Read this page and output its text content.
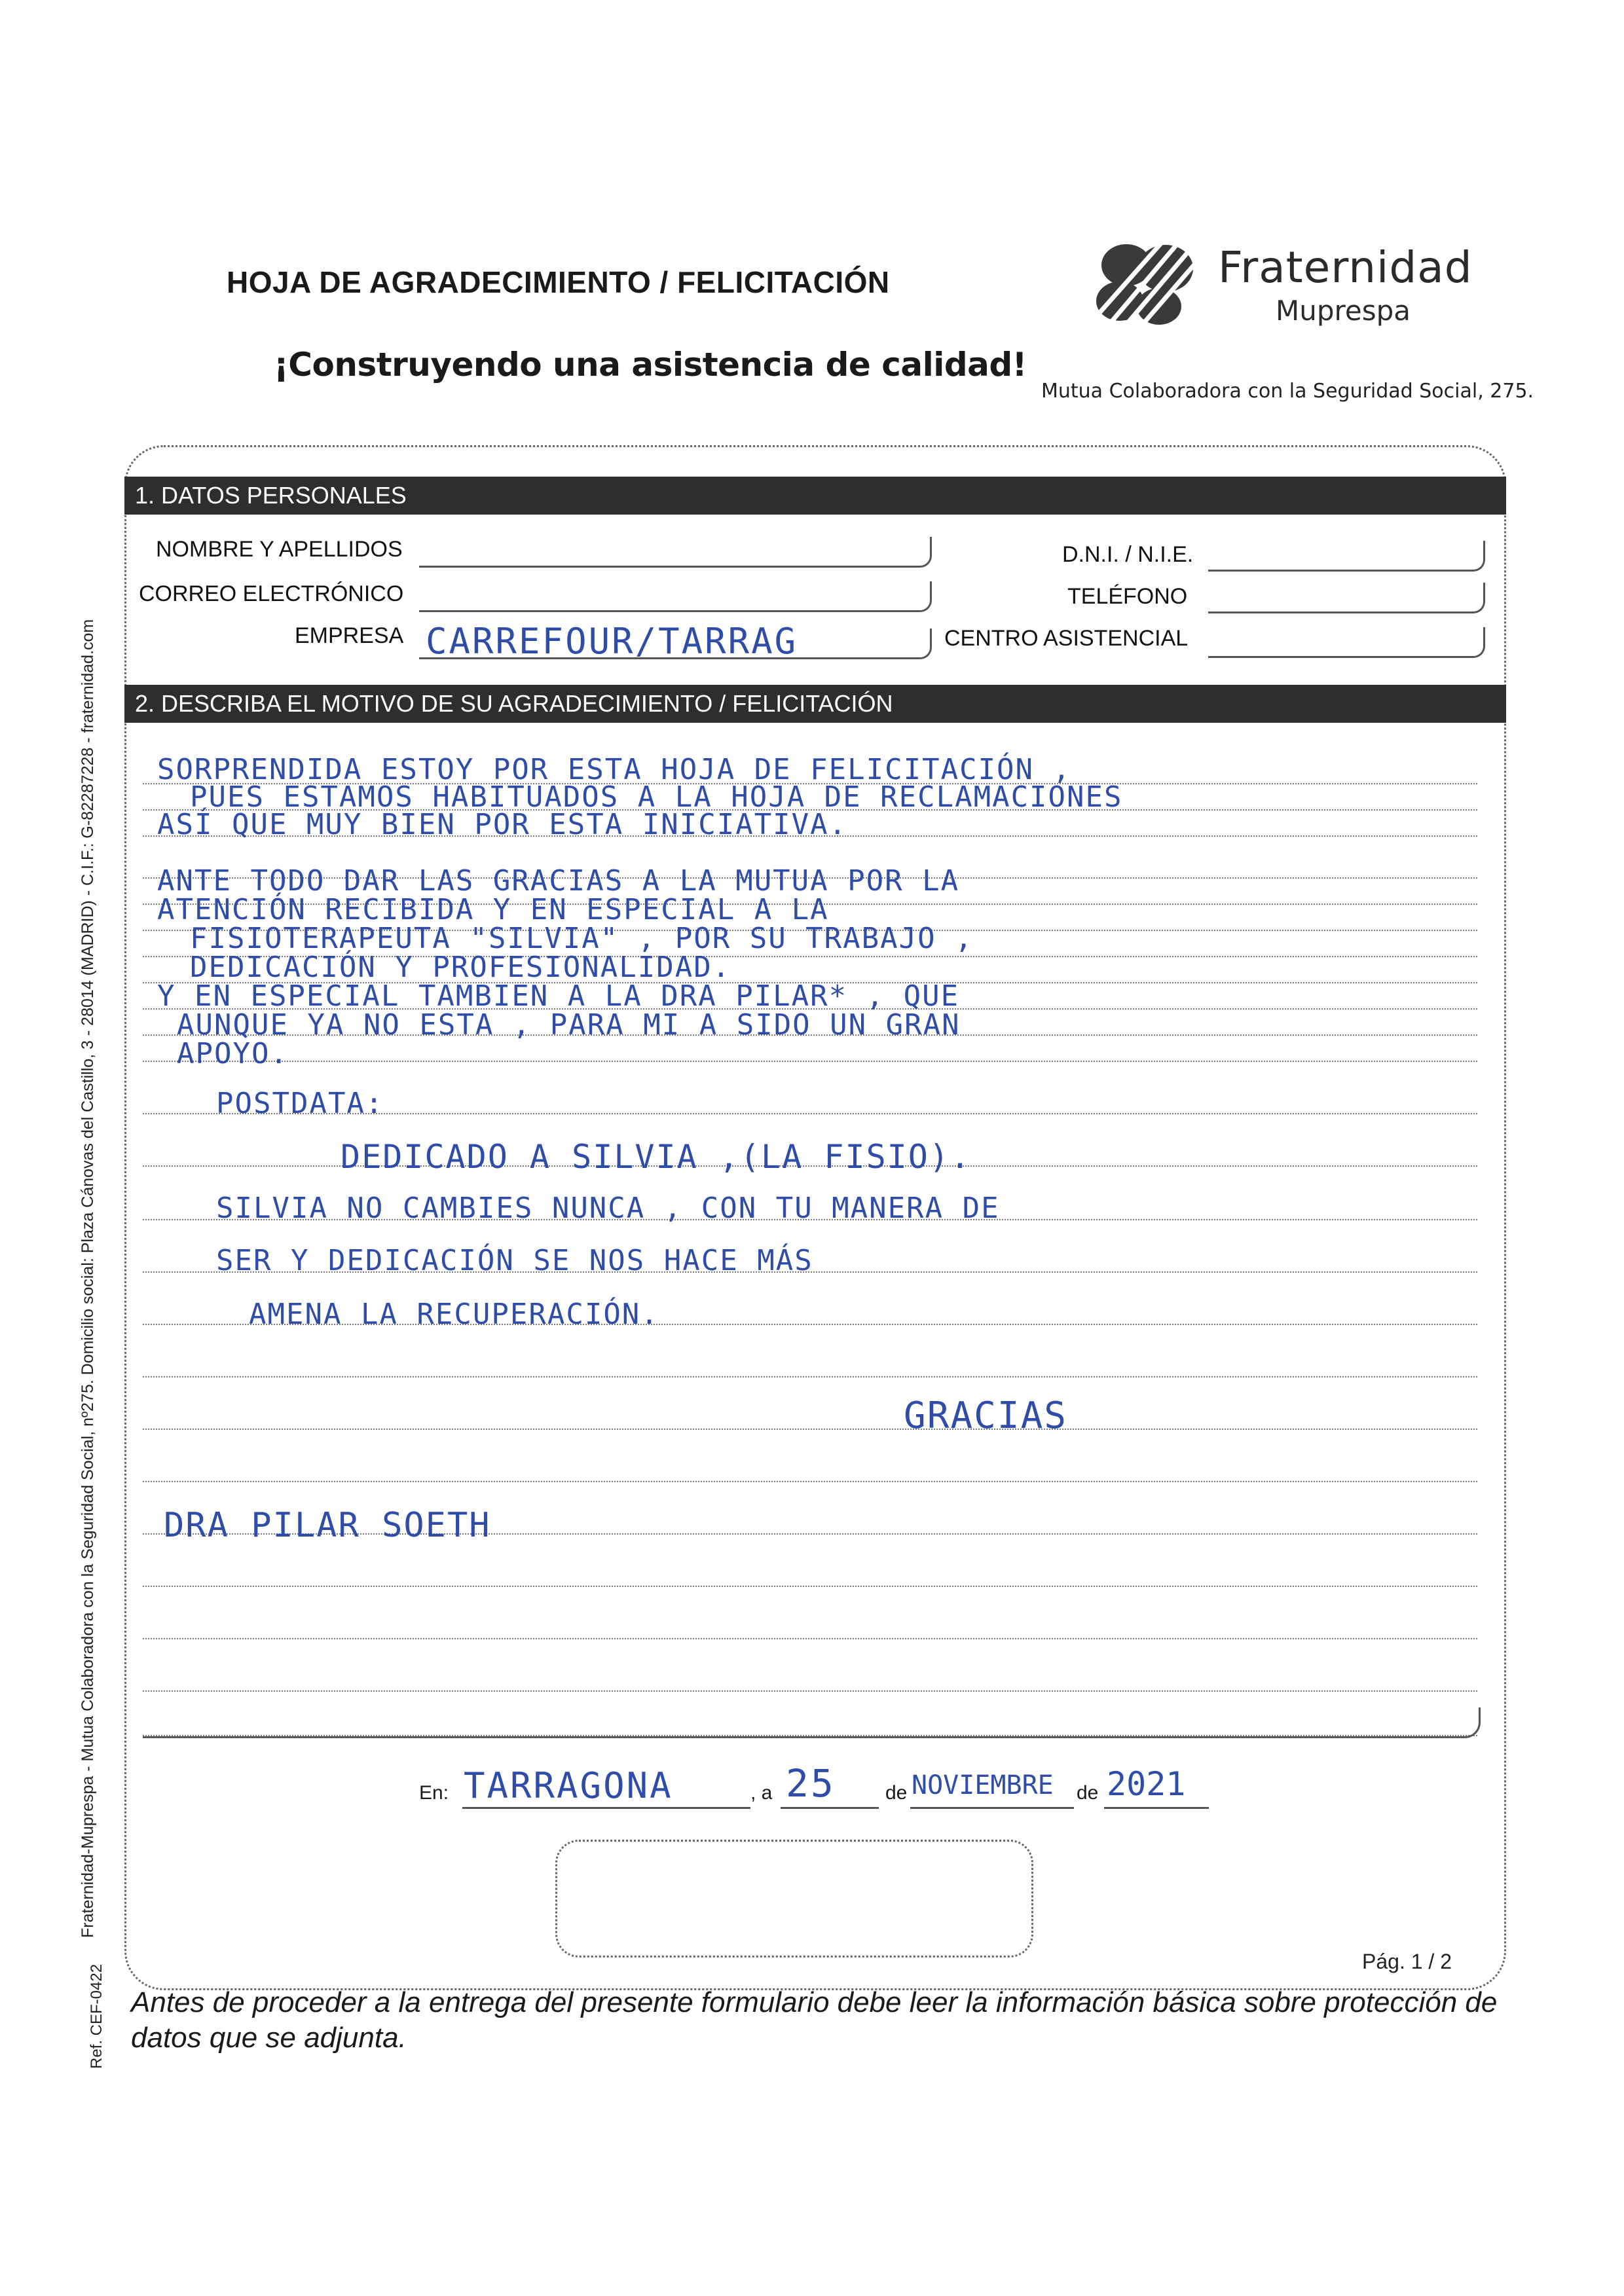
HOJA DE AGRADECIMIENTO / FELICITACIÓN
¡Construyendo una asistencia de calidad!
Fraternidad
Muprespa
Mutua Colaboradora con la Seguridad Social, 275.
1. DATOS PERSONALES
NOMBRE Y APELLIDOS
CORREO ELECTRÓNICO
EMPRESA CARREFOUR/TARRAG
D.N.I. / N.I.E.
TELÉFONO
CENTRO ASISTENCIAL
2. DESCRIBA EL MOTIVO DE SU AGRADECIMIENTO / FELICITACIÓN
SORPRENDIDA ESTOY POR ESTA HOJA DE FELICITACIÓN ,
PUES ESTAMOS HABITUADOS A LA HOJA DE RECLAMACIONES
ASÍ QUE MUY BIEN POR ESTA INICIATIVA.
ANTE TODO DAR LAS GRACIAS A LA MUTUA POR LA
ATENCIÓN RECIBIDA Y EN ESPECIAL A LA
FISIOTERAPEUTA "SILVIA" , POR SU TRABAJO ,
DEDICACIÓN Y PROFESIONALIDAD.
Y EN ESPECIAL TAMBIEN A LA DRA PILAR* , QUE
AUNQUE YA NO ESTA , PARA MI A SIDO UN GRAN
APOYO.
POSTDATA:
DEDICADO A SILVIA ,(LA FISIO).
SILVIA NO CAMBIES NUNCA , CON TU MANERA DE
SER Y DEDICACIÓN SE NOS HACE MÁS
AMENA LA RECUPERACIÓN.
GRACIAS
DRA PILAR SOETH
En: TARRAGONA	, a 25	de NOVIEMBRE de 2021
Pág. 1 / 2
Fraternidad-Muprespa - Mutua Colaboradora con la Seguridad Social, nº275. Domicilio social: Plaza Cánovas del Castillo, 3 - 28014 (MADRID) - C.I.F.: G-82287228 - fraternidad.com
Ref. CEF-0422 Antes de proceder a la entrega del presente formulario debe leer la información básica sobre protección de datos que se adjunta.
